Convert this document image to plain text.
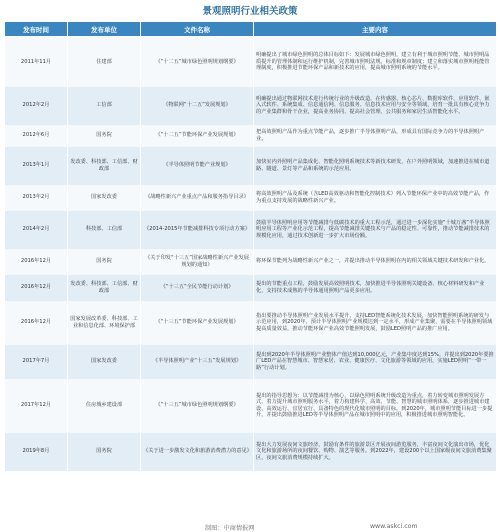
景观照明行业相关政策
发布时间	发布单位	文件名称	主要内容
2011年11月	住建部	《“十二五”城市绿色照明规划纲要》	明确提出了城市绿色照明的总体目标如下：发展城市绿色照明，建立有利于城市照明节能、城市照明品质提升的管理体制和运行维护机制，完善城市照明法规、标准和规章制度；建立和落实城市照明耗能管理制度，积极推进节能环保产品和新技术的应用，提高城市照明系统的节能水平。
2012年2月	工信部	《物联网“十二五”发展规划》	明确提出通过物联网技术进行传统行业的升级改造，在传感器、核心芯片、数据库软件、应用软件、嵌入式软件、系统集成、信息通信网、信息服务、信息技术应用与安全等领域，培育一批具有核心竞争力的产业集群和骨干企业，提高业务协同、提高社会管理、公共服务和家居生活智能化水平。
2012年6月	国务院	《“十二五”节能环保产业发展规划》	把高效照明产品作为重点节能产品，逐步推广半导体照明产品，形成具有国际竞争力的半导体照明产业。
2013年1月	发改委、科技部、工信部、财政部	《半导体照明节能产业规划》	加快室内外照明产品集成化、智能化照明系统技术等新技术研发，在户外照明领域，加速推进在城市道路、隧道、景灯等产品和系统的示范应用。
2013年2月	国家发改委	《战略性新兴产业重点产品和服务指导目录》	将高效照明产品及系统（含LED高效驱动和智能化控制技术）列入节能环保产业中的高效节能产品，作为重点支持发展的战略性新兴产业。
2014年2月	科技部、工信部	《2014-2015年节能减排科技专项行动方案》	鼓励半导体照明应用等节能减排与低碳技术的重大工程示范，通过进一步深化实施“十城万盏”半导体照明应用工程等产业化示范工程，提高节能减排关键技术与产品的稳定性、可靠性，推动节能减排技术的规模化应用，通过技术创新进一步扩大市场份额。
2016年12月	国务院	《关于印发“十三五”国家战略性新兴产业发展规划的通知》	将环保节能列为战略性新兴产业之一，并提出推动半导体照明在内的相关领域关键技术研发和产业化。
2016年12月	发改委、科技部、工信部、财政部	《“十三五”全民节能行动计划》	提出的节能重点工程，鼓励发展高效照明技术，加快推进半导体照明关键设备、核心材料研发和产业化，支持技术成熟的半导体通用照明产品更多应用。
2016年12月	国家发展改革委、科技部、工业和信息化部、环境保护部	《“十三五”节能环保产业发展规划》	指出要推动半导体照明产业发展水平提升，支持LED智能系统化技术发展，加快智能照明系统的研发与示范应用，到2020年，预计半导体照明产业规模达到一定水平，形成产业集聚，需要在半导体照明领域提高质量效益，推动节能环保产业高效节能照明发展，鼓励LED照明产品的推广应用。
2017年7月	国家发改委	《半导体照明产业“十三五”发展规划》	提出到2020年半导体照明产业整体产值达到10,000亿元，产业集中度达到15%。并提出到2020年要推广LED产品在智慧城市、智慧家居、农业、健康医疗、文化旅游等领域的应用，实施LED照明“一带一路”行动计划。
2017年12月	住房城乡建设部	《“十三五”城市绿色照明规划纲要》	提出的指导思想为：以节能减排为核心，以绿色照明系统升级改造为重点，着力转变城市照明发展方式，着力提升城市照明服务水平，着力构建科学、高效、节能、智慧的城市照明体系，逐步推进城市建设、高效运行、宜居宜行、具备特色的现代化城市照明的目标。到2020年，城市照明节能目标进一步提升，并提出鼓励推进LED等半导体照明产品在城市照明中的应用，积极推进城市照明智能化。
2019年8月	国务院	《关于进一步激发文化和旅游消费潜力的意见》	提出大力发展夜间文旅经济，鼓励有条件的旅游景区开展夜间游览服务，丰富夜间文化演出市场，优化文化和旅游场所的夜间餐饮、购物、演艺等服务。到2022年，建设200个以上国家级夜间文旅消费集聚区，夜间文旅消费规模持续扩大。
制图：中商情报网	www.askci.com
